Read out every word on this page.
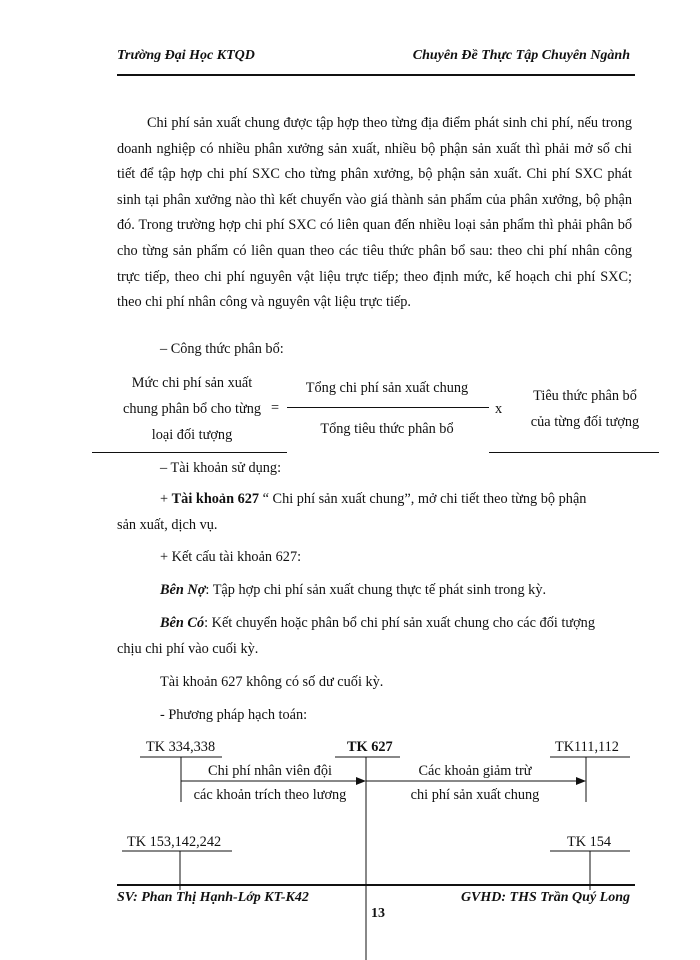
Trường Đại Học KTQD	Chuyên Đề Thực Tập Chuyên Ngành
Chi phí sản xuất chung được tập hợp theo từng địa điểm phát sinh chi phí, nếu trong doanh nghiệp có nhiều phân xưởng sản xuất, nhiều bộ phận sản xuất thì phải mở sổ chi tiết để tập hợp chi phí SXC cho từng phân xưởng, bộ phận sản xuất. Chi phí SXC phát sinh tại phân xưởng nào thì kết chuyển vào giá thành sản phẩm của phân xưởng, bộ phận đó. Trong trường hợp chi phí SXC có liên quan đến nhiều loại sản phẩm thì phải phân bổ cho từng sản phẩm có liên quan theo các tiêu thức phân bổ sau: theo chi phí nhân công trực tiếp, theo chi phí nguyên vật liệu trực tiếp; theo định mức, kế hoạch chi phí SXC; theo chi phí nhân công và nguyên vật liệu trực tiếp.
– Công thức phân bổ:
Mức chi phí sản xuất
chung phân bổ cho từng
loại đối tượng
=
Tổng chi phí sản xuất chung
Tổng tiêu thức phân bổ
x
Tiêu thức phân bổ
của từng đối tượng
– Tài khoản sử dụng:
+ Tài khoản 627 “ Chi phí sản xuất chung”, mở chi tiết theo từng bộ phận
sản xuất, dịch vụ.
+ Kết cấu tài khoản 627:
Bên Nợ: Tập hợp chi phí sản xuất chung thực tế phát sinh trong kỳ.
Bên Có: Kết chuyển hoặc phân bổ chi phí sản xuất chung cho các đối tượng
chịu chi phí vào cuối kỳ.
Tài khoản 627 không có số dư cuối kỳ.
- Phương pháp hạch toán:
TK 334,338	TK 627	TK111,112
Chi phí nhân viên đội
các khoản trích theo lương
Các khoản giảm trừ
chi phí sản xuất chung
TK 153,142,242	TK 154
SV: Phan Thị Hạnh-Lớp KT-K42
13
GVHD: THS Trần Quý Long
